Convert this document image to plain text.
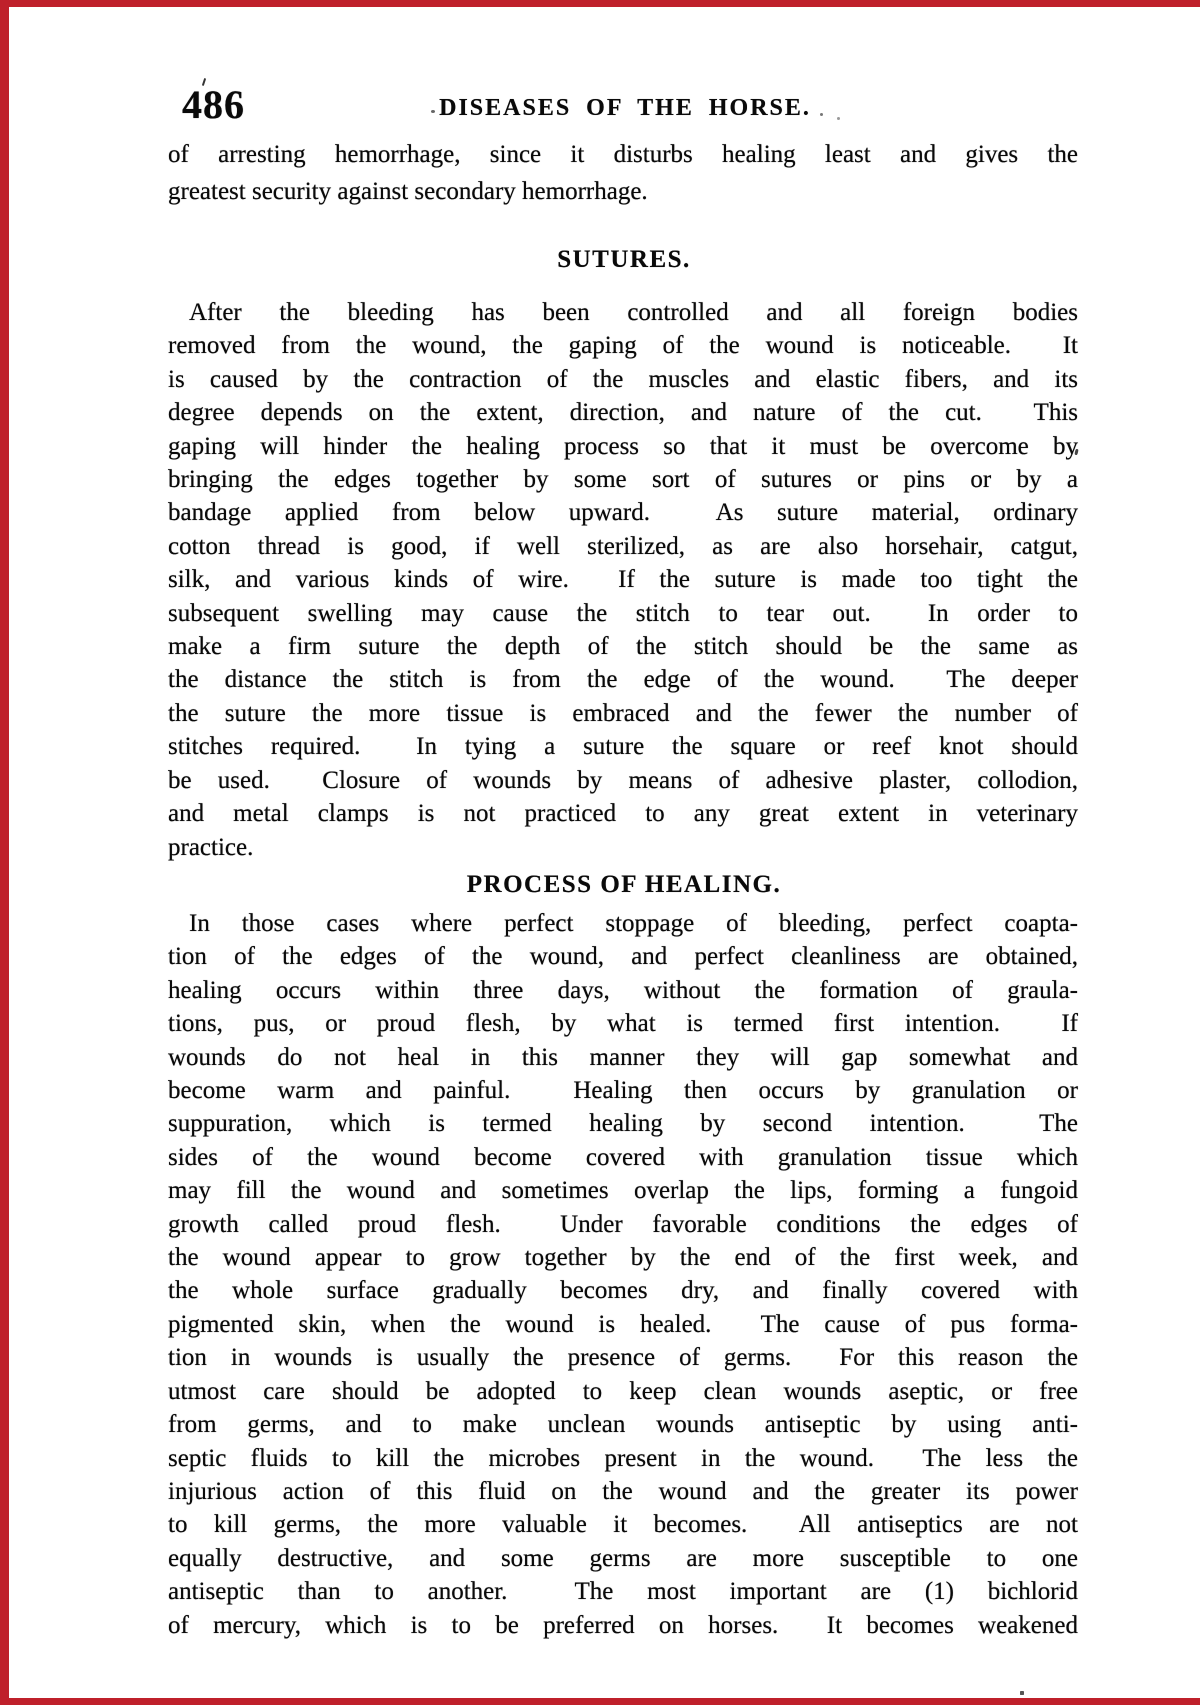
486	DISEASES OF THE HORSE.
of arresting hemorrhage, since it disturbs healing least and gives the
greatest security against secondary hemorrhage.
SUTURES.
After the bleeding has been controlled and all foreign bodies
removed from the wound, the gaping of the wound is noticeable.  It
is caused by the contraction of the muscles and elastic fibers, and its
degree depends on the extent, direction, and nature of the cut.  This
gaping will hinder the healing process so that it must be overcome by
bringing the edges together by some sort of sutures or pins or by a
bandage applied from below upward.  As suture material, ordinary
cotton thread is good, if well sterilized, as are also horsehair, catgut,
silk, and various kinds of wire.  If the suture is made too tight the
subsequent swelling may cause the stitch to tear out.  In order to
make a firm suture the depth of the stitch should be the same as
the distance the stitch is from the edge of the wound.  The deeper
the suture the more tissue is embraced and the fewer the number of
stitches required.  In tying a suture the square or reef knot should
be used.  Closure of wounds by means of adhesive plaster, collodion,
and metal clamps is not practiced to any great extent in veterinary
practice.
PROCESS OF HEALING.
In those cases where perfect stoppage of bleeding, perfect coapta-
tion of the edges of the wound, and perfect cleanliness are obtained,
healing occurs within three days, without the formation of graula-
tions, pus, or proud flesh, by what is termed first intention.  If
wounds do not heal in this manner they will gap somewhat and
become warm and painful.  Healing then occurs by granulation or
suppuration, which is termed healing by second intention.  The
sides of the wound become covered with granulation tissue which
may fill the wound and sometimes overlap the lips, forming a fungoid
growth called proud flesh.  Under favorable conditions the edges of
the wound appear to grow together by the end of the first week, and
the whole surface gradually becomes dry, and finally covered with
pigmented skin, when the wound is healed.  The cause of pus forma-
tion in wounds is usually the presence of germs.  For this reason the
utmost care should be adopted to keep clean wounds aseptic, or free
from germs, and to make unclean wounds antiseptic by using anti-
septic fluids to kill the microbes present in the wound.  The less the
injurious action of this fluid on the wound and the greater its power
to kill germs, the more valuable it becomes.  All antiseptics are not
equally destructive, and some germs are more susceptible to one
antiseptic than to another.  The most important are (1) bichlorid
of mercury, which is to be preferred on horses.  It becomes weakened
